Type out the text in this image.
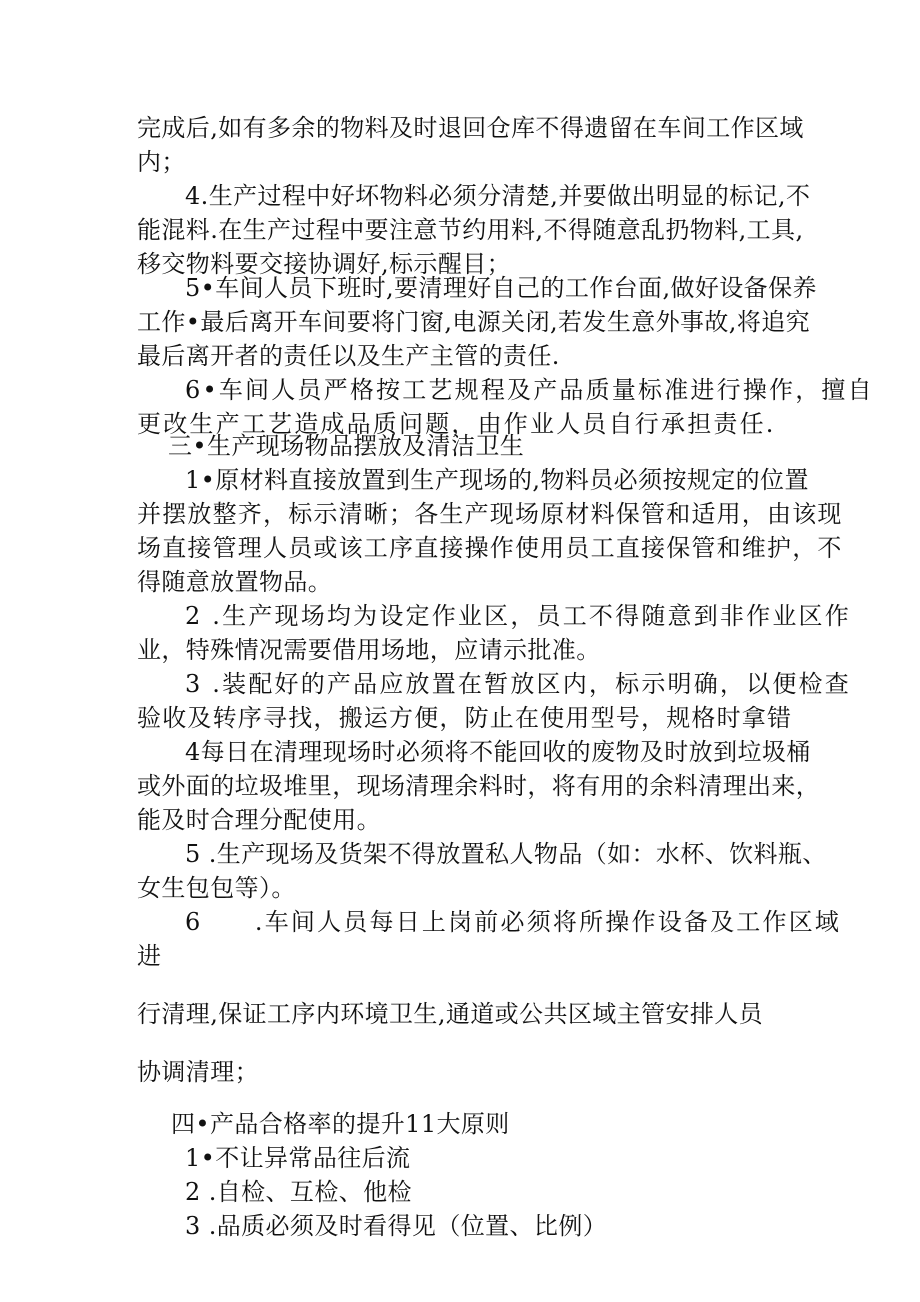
完成后,如有多余的物料及时退回仓库不得遗留在车间工作区域
内；
4.生产过程中好坏物料必须分清楚,并要做出明显的标记,不
能混料.在生产过程中要注意节约用料,不得随意乱扔物料,工具,
移交物料要交接协调好,标示醒目；
5•车间人员下班时,要清理好自己的工作台面,做好设备保养
工作•最后离开车间要将门窗,电源关闭,若发生意外事故,将追究
最后离开者的责任以及生产主管的责任.
6•车间人员严格按工艺规程及产品质量标准进行操作，擅自
更改生产工艺造成品质问题，由作业人员自行承担责任.
三•生产现场物品摆放及清洁卫生
1•原材料直接放置到生产现场的,物料员必须按规定的位置
并摆放整齐，标示清晰；各生产现场原材料保管和适用，由该现
场直接管理人员或该工序直接操作使用员工直接保管和维护，不
得随意放置物品。
2 .生产现场均为设定作业区，员工不得随意到非作业区作
业，特殊情况需要借用场地，应请示批准。
3 .装配好的产品应放置在暂放区内，标示明确，以便检查
验收及转序寻找，搬运方便，防止在使用型号，规格时拿错
4每日在清理现场时必须将不能回收的废物及时放到垃圾桶
或外面的垃圾堆里，现场清理余料时，将有用的余料清理出来，
能及时合理分配使用。
5 .生产现场及货架不得放置私人物品（如：水杯、饮料瓶、
女生包包等）。
6　　.车间人员每日上岗前必须将所操作设备及工作区域
进
行清理,保证工序内环境卫生,通道或公共区域主管安排人员
协调清理；
四•产品合格率的提升11大原则
1•不让异常品往后流
2 .自检、互检、他检
3 .品质必须及时看得见（位置、比例）
